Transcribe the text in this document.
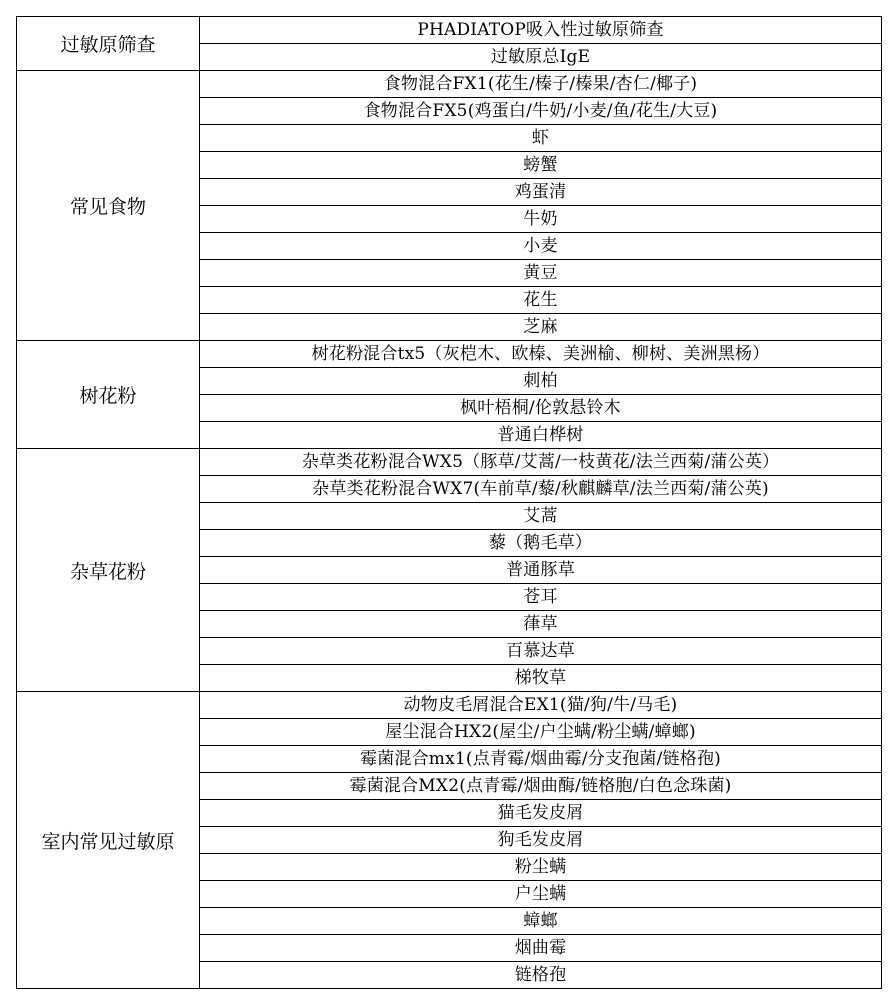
过敏原筛查	PHADIATOP吸入性过敏原筛查
	过敏原总IgE
常见食物	食物混合FX1(花生/榛子/榛果/杏仁/椰子)
	食物混合FX5(鸡蛋白/牛奶/小麦/鱼/花生/大豆)
	虾
	螃蟹
	鸡蛋清
	牛奶
	小麦
	黄豆
	花生
	芝麻
树花粉	树花粉混合tx5（灰桤木、欧榛、美洲榆、柳树、美洲黑杨）
	刺柏
	枫叶梧桐/伦敦悬铃木
	普通白桦树
杂草花粉	杂草类花粉混合WX5（豚草/艾蒿/一枝黄花/法兰西菊/蒲公英）
	杂草类花粉混合WX7(车前草/藜/秋麒麟草/法兰西菊/蒲公英)
	艾蒿
	藜（鹅毛草）
	普通豚草
	苍耳
	葎草
	百慕达草
	梯牧草
室内常见过敏原	动物皮毛屑混合EX1(猫/狗/牛/马毛)
	屋尘混合HX2(屋尘/户尘螨/粉尘螨/蟑螂)
	霉菌混合mx1(点青霉/烟曲霉/分支孢菌/链格孢)
	霉菌混合MX2(点青霉/烟曲酶/链格胞/白色念珠菌)
	猫毛发皮屑
	狗毛发皮屑
	粉尘螨
	户尘螨
	蟑螂
	烟曲霉
	链格孢
